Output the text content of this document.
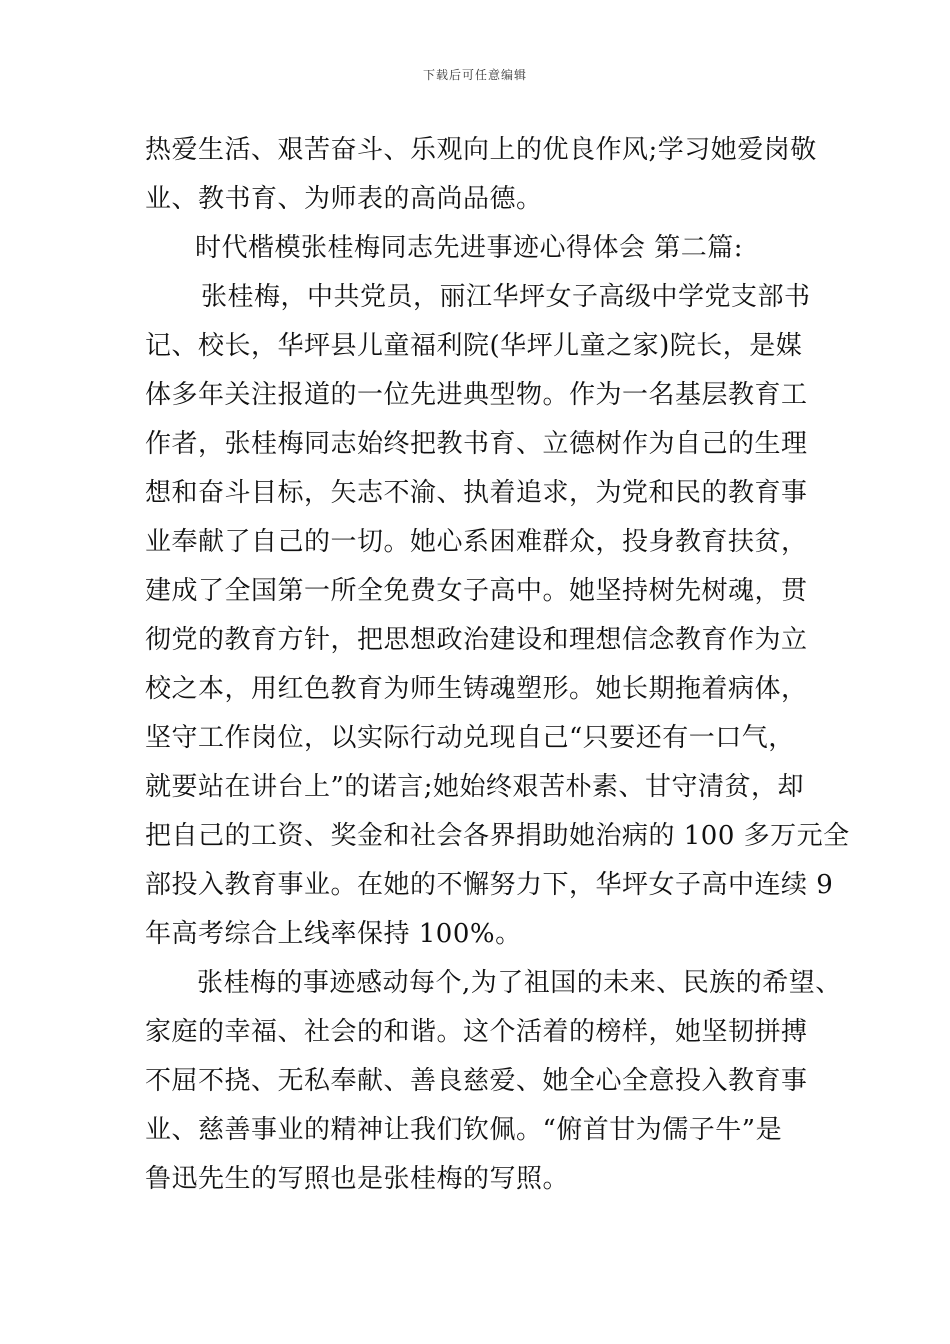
下载后可任意编辑
热爱生活、艰苦奋斗、乐观向上的优良作风;学习她爱岗敬
业、教书育、为师表的高尚品德。
时代楷模张桂梅同志先进事迹心得体会 第二篇:
张桂梅，中共党员，丽江华坪女子高级中学党支部书
记、校长，华坪县儿童福利院(华坪儿童之家)院长，是媒
体多年关注报道的一位先进典型物。作为一名基层教育工
作者，张桂梅同志始终把教书育、立德树作为自己的生理
想和奋斗目标，矢志不渝、执着追求，为党和民的教育事
业奉献了自己的一切。她心系困难群众，投身教育扶贫，
建成了全国第一所全免费女子高中。她坚持树先树魂，贯
彻党的教育方针，把思想政治建设和理想信念教育作为立
校之本，用红色教育为师生铸魂塑形。她长期拖着病体，
坚守工作岗位，以实际行动兑现自己“只要还有一口气，
就要站在讲台上”的诺言;她始终艰苦朴素、甘守清贫，却
把自己的工资、奖金和社会各界捐助她治病的 100 多万元全
部投入教育事业。在她的不懈努力下，华坪女子高中连续 9
年高考综合上线率保持 100%。
张桂梅的事迹感动每个,为了祖国的未来、民族的希望、
家庭的幸福、社会的和谐。这个活着的榜样，她坚韧拼搏
不屈不挠、无私奉献、善良慈爱、她全心全意投入教育事
业、慈善事业的精神让我们钦佩。“俯首甘为儒子牛”是
鲁迅先生的写照也是张桂梅的写照。
